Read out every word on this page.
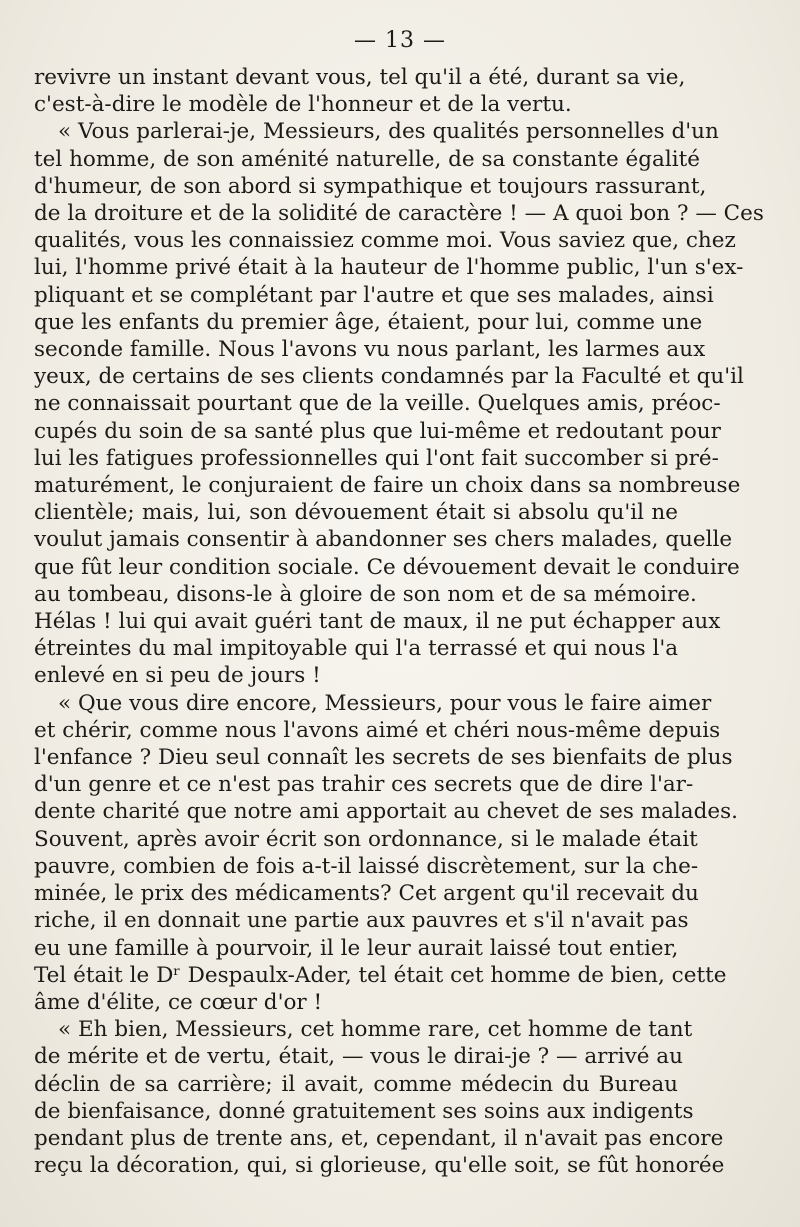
— 13 —
revivre un instant devant vous, tel qu'il a été, durant sa vie,
c'est-à-dire le modèle de l'honneur et de la vertu.
« Vous parlerai-je, Messieurs, des qualités personnelles d'un
tel homme, de son aménité naturelle, de sa constante égalité
d'humeur, de son abord si sympathique et toujours rassurant,
de la droiture et de la solidité de caractère ! — A quoi bon ? — Ces
qualités, vous les connaissiez comme moi. Vous saviez que, chez
lui, l'homme privé était à la hauteur de l'homme public, l'un s'ex-
pliquant et se complétant par l'autre et que ses malades, ainsi
que les enfants du premier âge, étaient, pour lui, comme une
seconde famille. Nous l'avons vu nous parlant, les larmes aux
yeux, de certains de ses clients condamnés par la Faculté et qu'il
ne connaissait pourtant que de la veille. Quelques amis, préoc-
cupés du soin de sa santé plus que lui-même et redoutant pour
lui les fatigues professionnelles qui l'ont fait succomber si pré-
maturément, le conjuraient de faire un choix dans sa nombreuse
clientèle; mais, lui, son dévouement était si absolu qu'il ne
voulut jamais consentir à abandonner ses chers malades, quelle
que fût leur condition sociale. Ce dévouement devait le conduire
au tombeau, disons-le à gloire de son nom et de sa mémoire.
Hélas ! lui qui avait guéri tant de maux, il ne put échapper aux
étreintes du mal impitoyable qui l'a terrassé et qui nous l'a
enlevé en si peu de jours !
« Que vous dire encore, Messieurs, pour vous le faire aimer
et chérir, comme nous l'avons aimé et chéri nous-même depuis
l'enfance ? Dieu seul connaît les secrets de ses bienfaits de plus
d'un genre et ce n'est pas trahir ces secrets que de dire l'ar-
dente charité que notre ami apportait au chevet de ses malades.
Souvent, après avoir écrit son ordonnance, si le malade était
pauvre, combien de fois a-t-il laissé discrètement, sur la che-
minée, le prix des médicaments? Cet argent qu'il recevait du
riche, il en donnait une partie aux pauvres et s'il n'avait pas
eu une famille à pourvoir, il le leur aurait laissé tout entier,
Tel était le Dʳ Despaulx-Ader, tel était cet homme de bien, cette
âme d'élite, ce cœur d'or !
« Eh bien, Messieurs, cet homme rare, cet homme de tant
de mérite et de vertu, était, — vous le dirai-je ? — arrivé au
déclin de sa carrière; il avait, comme médecin du Bureau
de bienfaisance, donné gratuitement ses soins aux indigents
pendant plus de trente ans, et, cependant, il n'avait pas encore
reçu la décoration, qui, si glorieuse, qu'elle soit, se fût honorée
